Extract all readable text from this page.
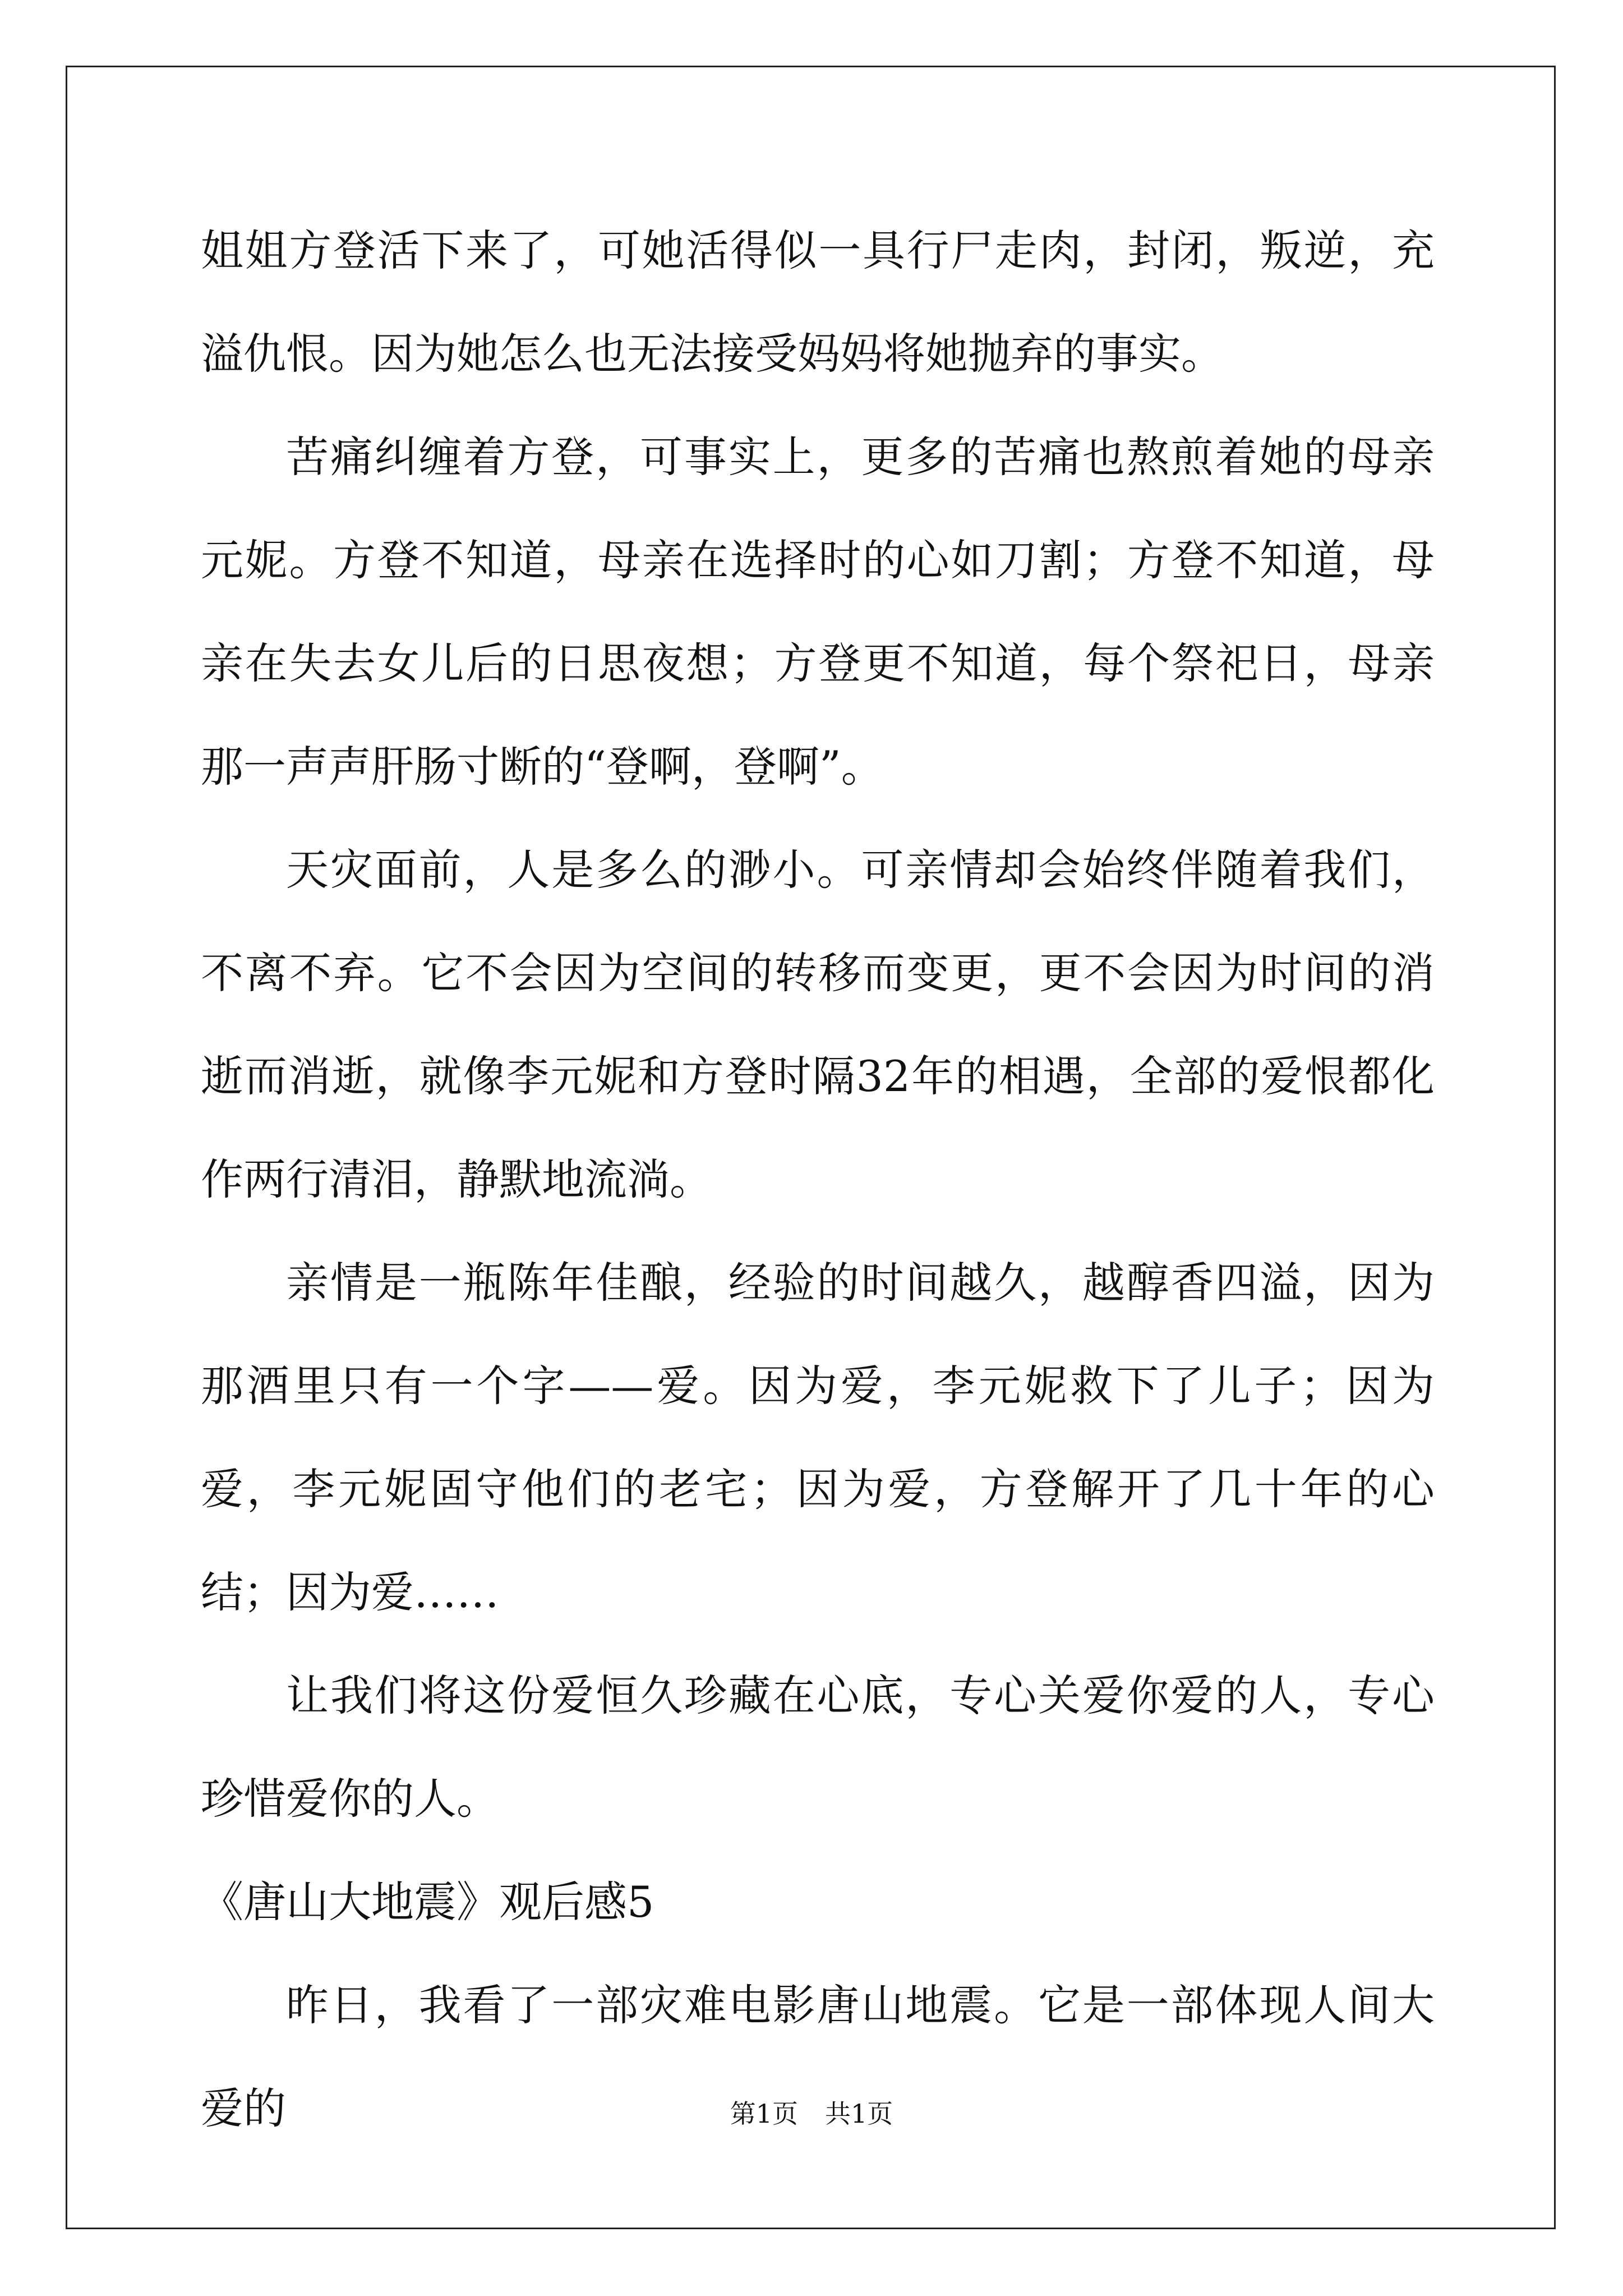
姐姐方登活下来了，可她活得似一具行尸走肉，封闭，叛逆，充溢仇恨。因为她怎么也无法接受妈妈将她抛弃的事实。

苦痛纠缠着方登，可事实上，更多的苦痛也熬煎着她的母亲元妮。方登不知道，母亲在选择时的心如刀割；方登不知道，母亲在失去女儿后的日思夜想；方登更不知道，每个祭祀日，母亲那一声声肝肠寸断的“登啊，登啊”。

天灾面前，人是多么的渺小。可亲情却会始终伴随着我们，不离不弃。它不会因为空间的转移而变更，更不会因为时间的消逝而消逝，就像李元妮和方登时隔32年的相遇，全部的爱恨都化作两行清泪，静默地流淌。

亲情是一瓶陈年佳酿，经验的时间越久，越醇香四溢，因为那酒里只有一个字——爱。因为爱，李元妮救下了儿子；因为爱，李元妮固守他们的老宅；因为爱，方登解开了几十年的心结；因为爱……

让我们将这份爱恒久珍藏在心底，专心关爱你爱的人，专心珍惜爱你的人。

《唐山大地震》观后感5

昨日，我看了一部灾难电影唐山地震。它是一部体现人间大爱的	第1页 共1页
